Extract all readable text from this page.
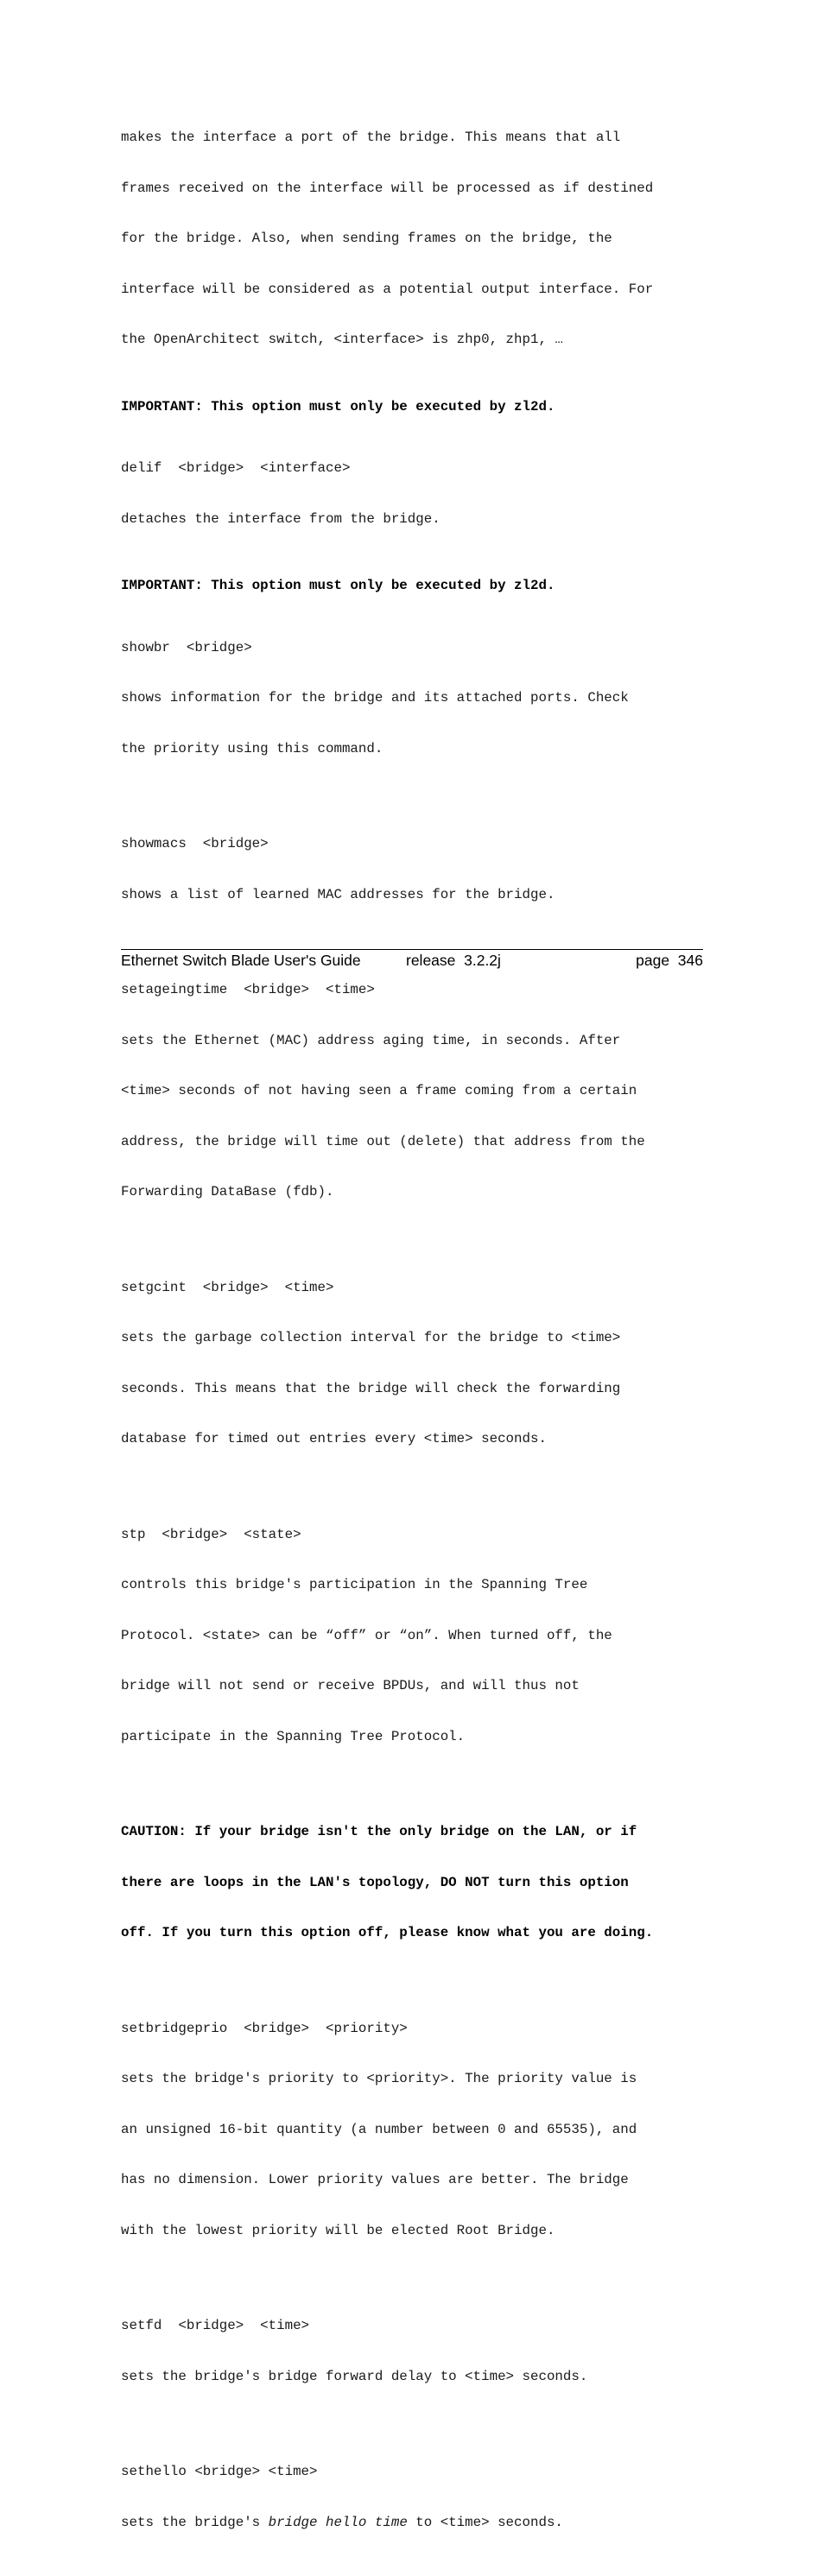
makes the interface a port of the bridge. This means that all

frames received on the interface will be processed as if destined

for the bridge. Also, when sending frames on the bridge, the

interface will be considered as a potential output interface. For

the OpenArchitect switch, <interface> is zhp0, zhp1, …

IMPORTANT: This option must only be executed by zl2d.

delif  <bridge>  <interface>

detaches the interface from the bridge.

IMPORTANT: This option must only be executed by zl2d.

showbr  <bridge>

shows information for the bridge and its attached ports. Check

the priority using this command.

showmacs  <bridge>

shows a list of learned MAC addresses for the bridge.

setageingtime  <bridge>  <time>

sets the Ethernet (MAC) address aging time, in seconds. After

<time> seconds of not having seen a frame coming from a certain

address, the bridge will time out (delete) that address from the

Forwarding DataBase (fdb).

setgcint  <bridge>  <time>

sets the garbage collection interval for the bridge to <time>

seconds. This means that the bridge will check the forwarding

database for timed out entries every <time> seconds.

stp  <bridge>  <state>

controls this bridge's participation in the Spanning Tree

Protocol. <state> can be “off” or “on”. When turned off, the

bridge will not send or receive BPDUs, and will thus not

participate in the Spanning Tree Protocol.

CAUTION: If your bridge isn't the only bridge on the LAN, or if

there are loops in the LAN's topology, DO NOT turn this option

off. If you turn this option off, please know what you are doing.

setbridgeprio  <bridge>  <priority>

sets the bridge's priority to <priority>. The priority value is

an unsigned 16-bit quantity (a number between 0 and 65535), and

has no dimension. Lower priority values are better. The bridge

with the lowest priority will be elected Root Bridge.

setfd  <bridge>  <time>

sets the bridge's bridge forward delay to <time> seconds.

sethello <bridge> <time>

sets the bridge's bridge hello time to <time> seconds.

Ethernet Switch Blade User's Guide	release  3.2.2j	page  346
